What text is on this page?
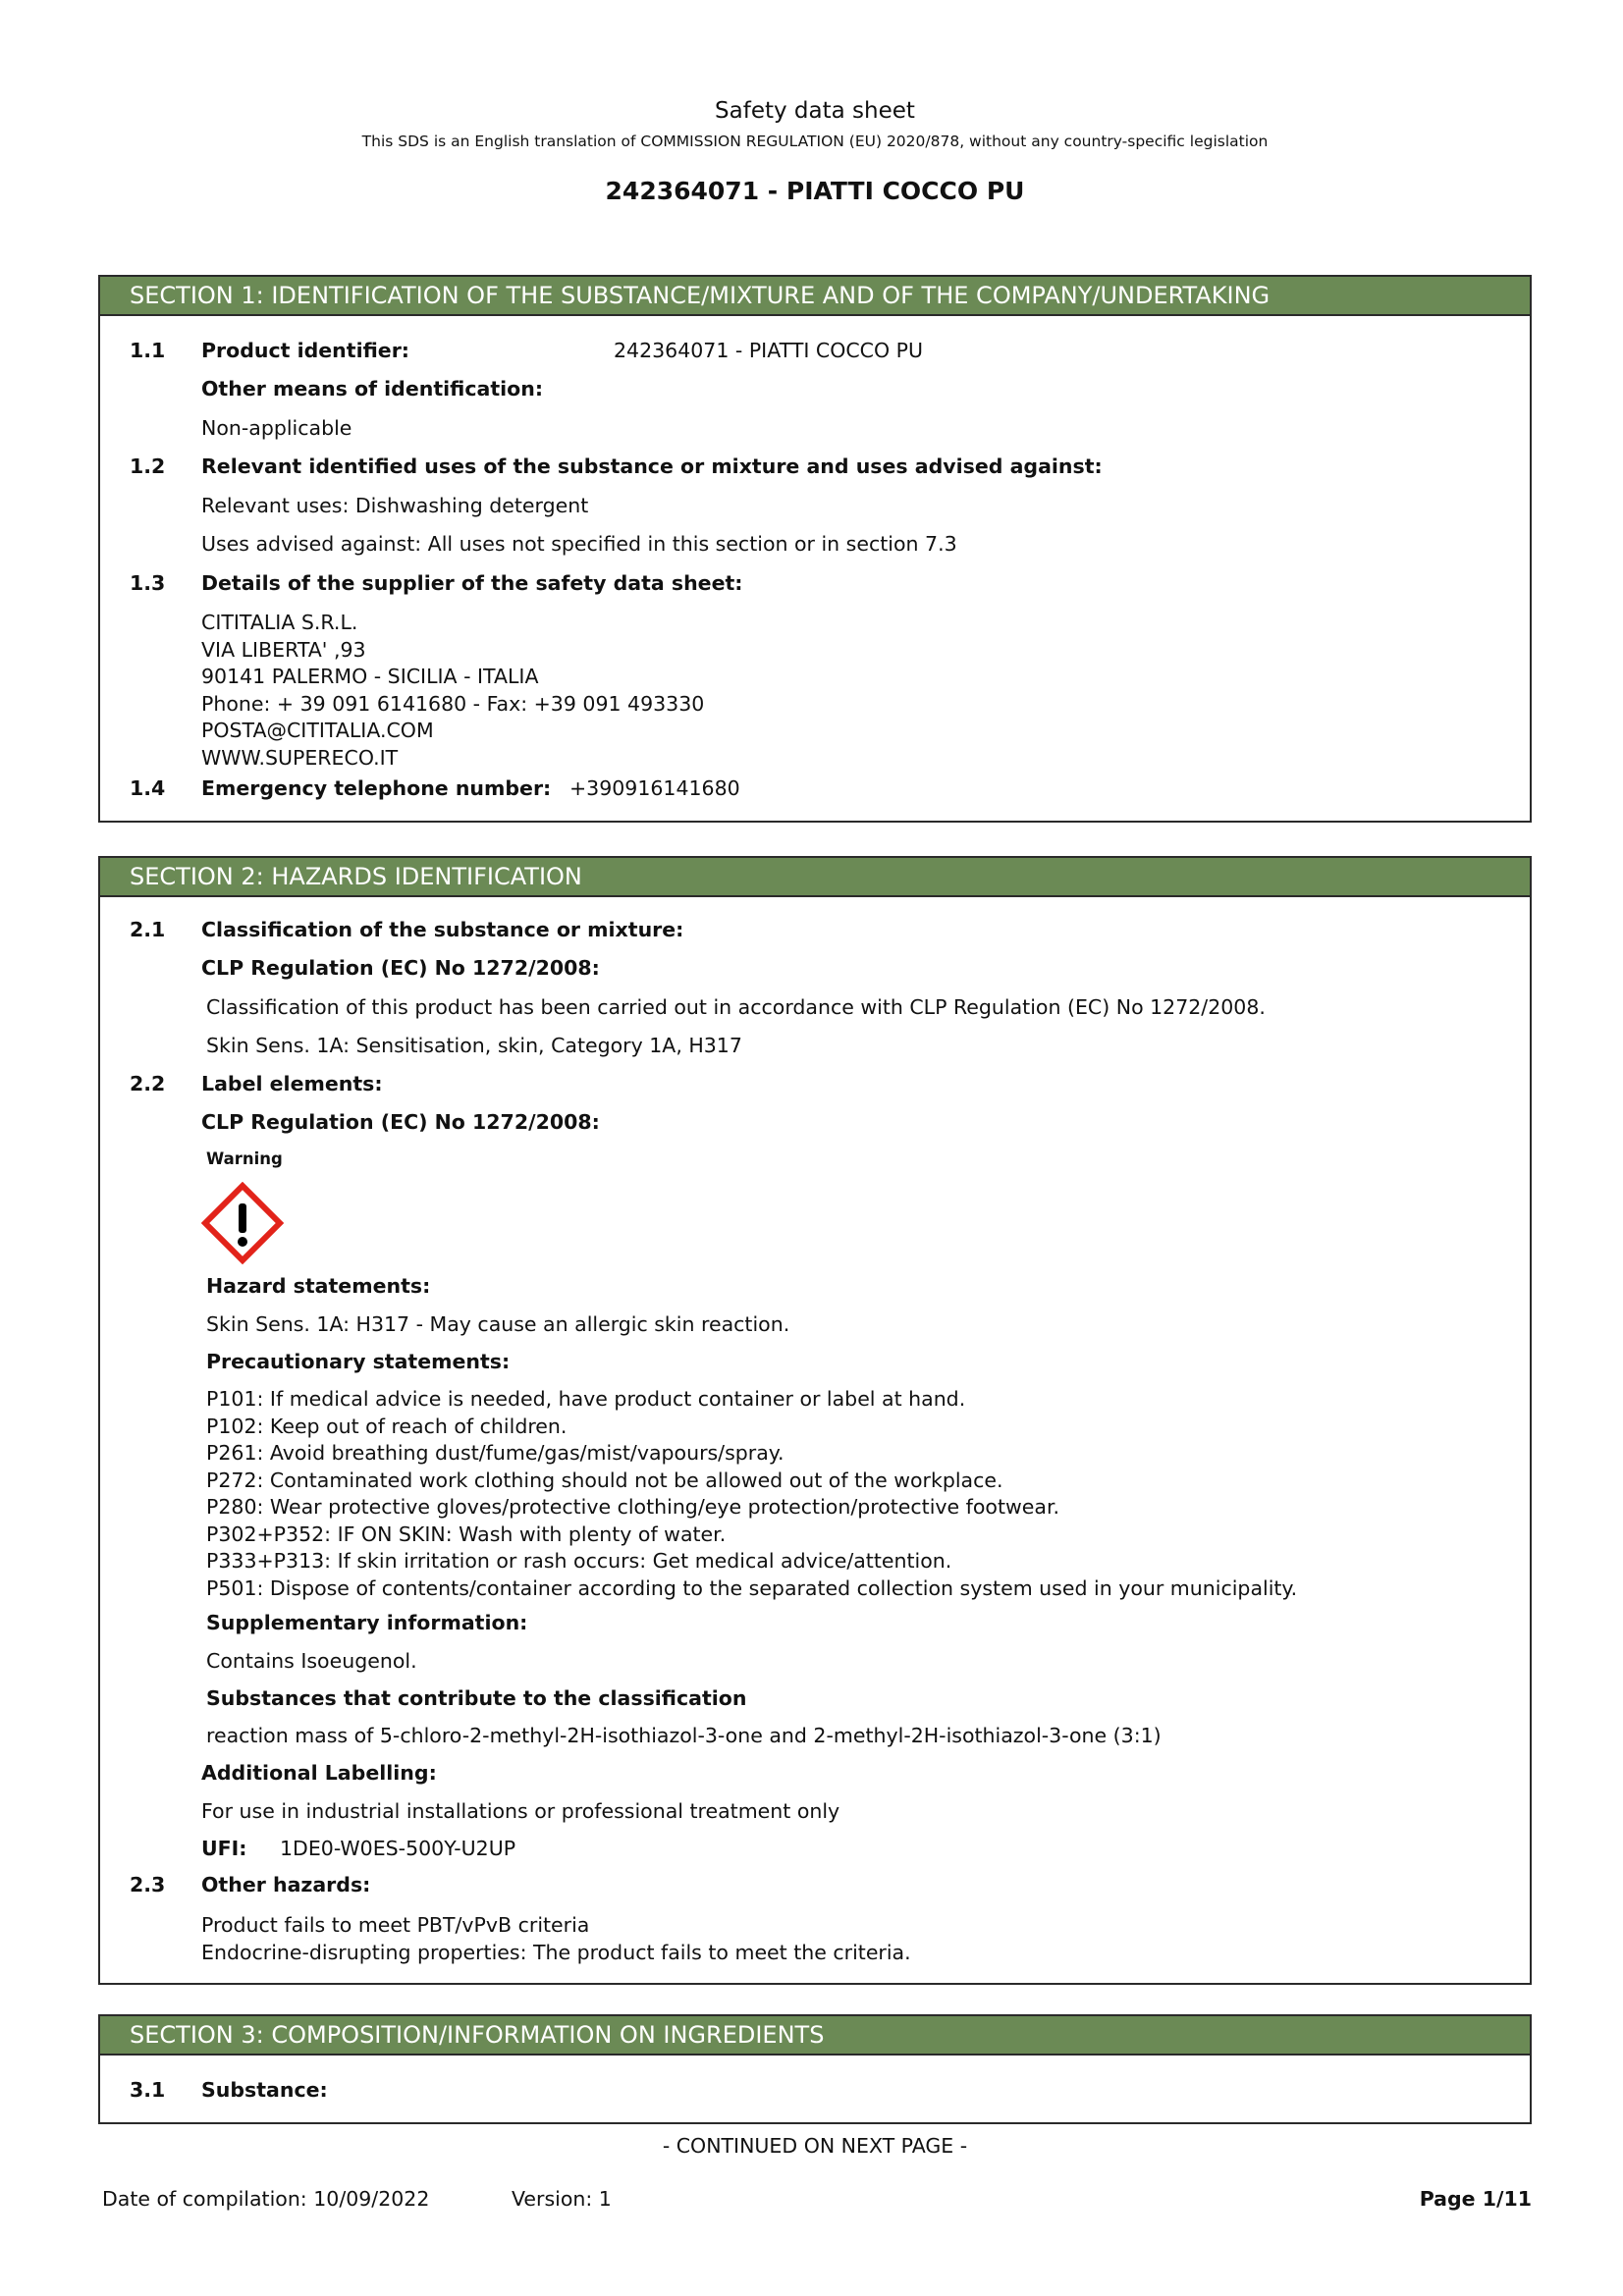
Safety data sheet
This SDS is an English translation of COMMISSION REGULATION (EU) 2020/878, without any country-specific legislation
242364071 - PIATTI COCCO PU
SECTION 1: IDENTIFICATION OF THE SUBSTANCE/MIXTURE AND OF THE COMPANY/UNDERTAKING
1.1 Product identifier:	242364071 - PIATTI COCCO PU
Other means of identification:
Non-applicable
1.2 Relevant identified uses of the substance or mixture and uses advised against:
Relevant uses: Dishwashing detergent
Uses advised against: All uses not specified in this section or in section 7.3
1.3 Details of the supplier of the safety data sheet:
CITITALIA S.R.L.
VIA LIBERTA' ,93
90141 PALERMO - SICILIA - ITALIA
Phone: + 39 091 6141680 - Fax: +39 091 493330
POSTA@CITITALIA.COM
WWW.SUPERECO.IT
1.4 Emergency telephone number: +390916141680
SECTION 2: HAZARDS IDENTIFICATION
2.1 Classification of the substance or mixture:
CLP Regulation (EC) No 1272/2008:
Classification of this product has been carried out in accordance with CLP Regulation (EC) No 1272/2008.
Skin Sens. 1A: Sensitisation, skin, Category 1A, H317
2.2 Label elements:
CLP Regulation (EC) No 1272/2008:
Warning
Hazard statements:
Skin Sens. 1A: H317 - May cause an allergic skin reaction.
Precautionary statements:
P101: If medical advice is needed, have product container or label at hand.
P102: Keep out of reach of children.
P261: Avoid breathing dust/fume/gas/mist/vapours/spray.
P272: Contaminated work clothing should not be allowed out of the workplace.
P280: Wear protective gloves/protective clothing/eye protection/protective footwear.
P302+P352: IF ON SKIN: Wash with plenty of water.
P333+P313: If skin irritation or rash occurs: Get medical advice/attention.
P501: Dispose of contents/container according to the separated collection system used in your municipality.
Supplementary information:
Contains Isoeugenol.
Substances that contribute to the classification
reaction mass of 5-chloro-2-methyl-2H-isothiazol-3-one and 2-methyl-2H-isothiazol-3-one (3:1)
Additional Labelling:
For use in industrial installations or professional treatment only
UFI: 1DE0-W0ES-500Y-U2UP
2.3 Other hazards:
Product fails to meet PBT/vPvB criteria
Endocrine-disrupting properties: The product fails to meet the criteria.
SECTION 3: COMPOSITION/INFORMATION ON INGREDIENTS
3.1 Substance:
- CONTINUED ON NEXT PAGE -
Date of compilation: 10/09/2022	Version: 1	Page 1/11
